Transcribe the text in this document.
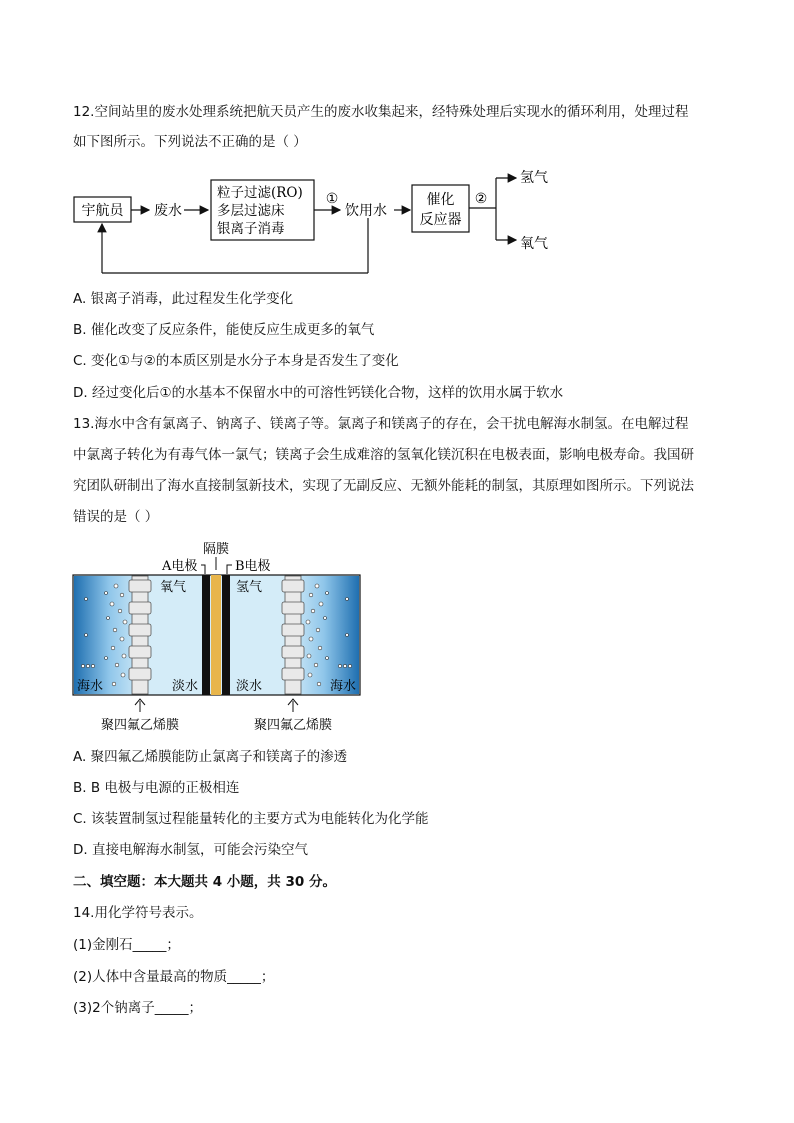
12.空间站里的废水处理系统把航天员产生的废水收集起来，经特殊处理后实现水的循环利用，处理过程
如下图所示。下列说法不正确的是（ ）
宇航员 废水
粒子过滤(RO)
多层过滤床
银离子消毒
①
饮用水
催化
反应器
②
氢气
氧气
A. 银离子消毒，此过程发生化学变化
B. 催化改变了反应条件，能使反应生成更多的氧气
C. 变化①与②的本质区别是水分子本身是否发生了变化
D. 经过变化后①的水基本不保留水中的可溶性钙镁化合物，这样的饮用水属于软水
13.海水中含有氯离子、钠离子、镁离子等。氯离子和镁离子的存在，会干扰电解海水制氢。在电解过程
中氯离子转化为有毒气体一氯气；镁离子会生成难溶的氢氧化镁沉积在电极表面，影响电极寿命。我国研
究团队研制出了海水直接制氢新技术，实现了无副反应、无额外能耗的制氢，其原理如图所示。下列说法
错误的是（ ）
隔膜
A电极	B电极
氧气	氢气
海水	淡水	淡水	海水
聚四氟乙烯膜	聚四氟乙烯膜
A. 聚四氟乙烯膜能防止氯离子和镁离子的渗透
B. B 电极与电源的正极相连
C. 该装置制氢过程能量转化的主要方式为电能转化为化学能
D. 直接电解海水制氢，可能会污染空气
二、填空题：本大题共 4 小题，共 30 分。
14.用化学符号表示。
(1)金刚石_____；
(2)人体中含量最高的物质_____；
(3)2个钠离子_____；
